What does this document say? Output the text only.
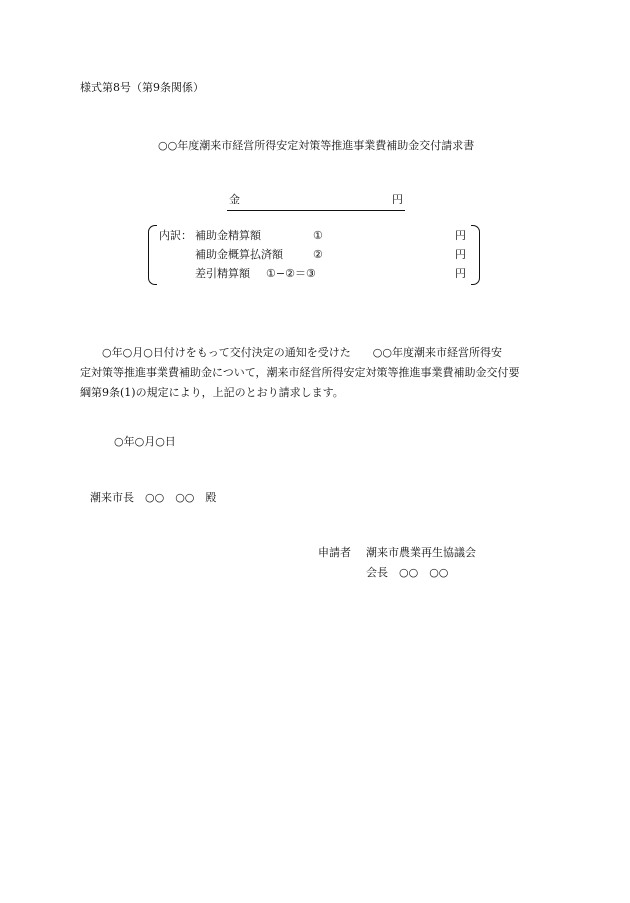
様式第8号（第9条関係）
○○年度潮来市経営所得安定対策等推進事業費補助金交付請求書
金	円
内訳： 補助金精算額	①	円
補助金概算払済額	②	円
差引精算額 ①−②＝③	円
　　○年○月○日付けをもって交付決定の通知を受けた　　○○年度潮来市経営所得安
定対策等推進事業費補助金について，潮来市経営所得安定対策等推進事業費補助金交付要
綱第9条(1)の規定により，上記のとおり請求します。
○年○月○日
潮来市長　○○　○○　殿
申請者 潮来市農業再生協議会
会長　○○　○○
